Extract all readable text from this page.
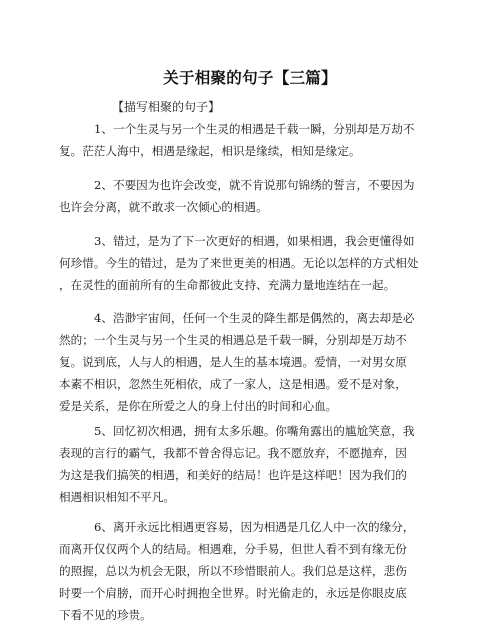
关于相聚的句子【三篇】
【描写相聚的句子】
1、一个生灵与另一个生灵的相遇是千载一瞬，分别却是万劫不
复。茫茫人海中，相遇是缘起，相识是缘续，相知是缘定。
2、不要因为也许会改变，就不肯说那句锦绣的誓言，不要因为
也许会分离，就不敢求一次倾心的相遇。
3、错过，是为了下一次更好的相遇，如果相遇，我会更懂得如
何珍惜。今生的错过，是为了来世更美的相遇。无论以怎样的方式相处
，在灵性的面前所有的生命都彼此支持、充满力量地连结在一起。
4、浩渺宇宙间，任何一个生灵的降生都是偶然的，离去却是必
然的；一个生灵与另一个生灵的相遇总是千载一瞬，分别却是万劫不
复。说到底，人与人的相遇，是人生的基本境遇。爱情，一对男女原
本素不相识，忽然生死相依，成了一家人，这是相遇。爱不是对象，
爱是关系，是你在所爱之人的身上付出的时间和心血。
5、回忆初次相遇，拥有太多乐趣。你嘴角露出的尴尬笑意，我
表现的言行的霸气，我都不曾舍得忘记。我不愿放弃，不愿抛弃，因
为这是我们搞笑的相遇，和美好的结局！也许是这样吧！因为我们的
相遇相识相知不平凡。
6、离开永远比相遇更容易，因为相遇是几亿人中一次的缘分，
而离开仅仅两个人的结局。相遇难，分手易，但世人看不到有缘无份
的照握，总以为机会无限，所以不珍惜眼前人。我们总是这样，悲伤
时要一个肩膀，而开心时拥抱全世界。时光偷走的，永远是你眼皮底
下看不见的珍贵。
